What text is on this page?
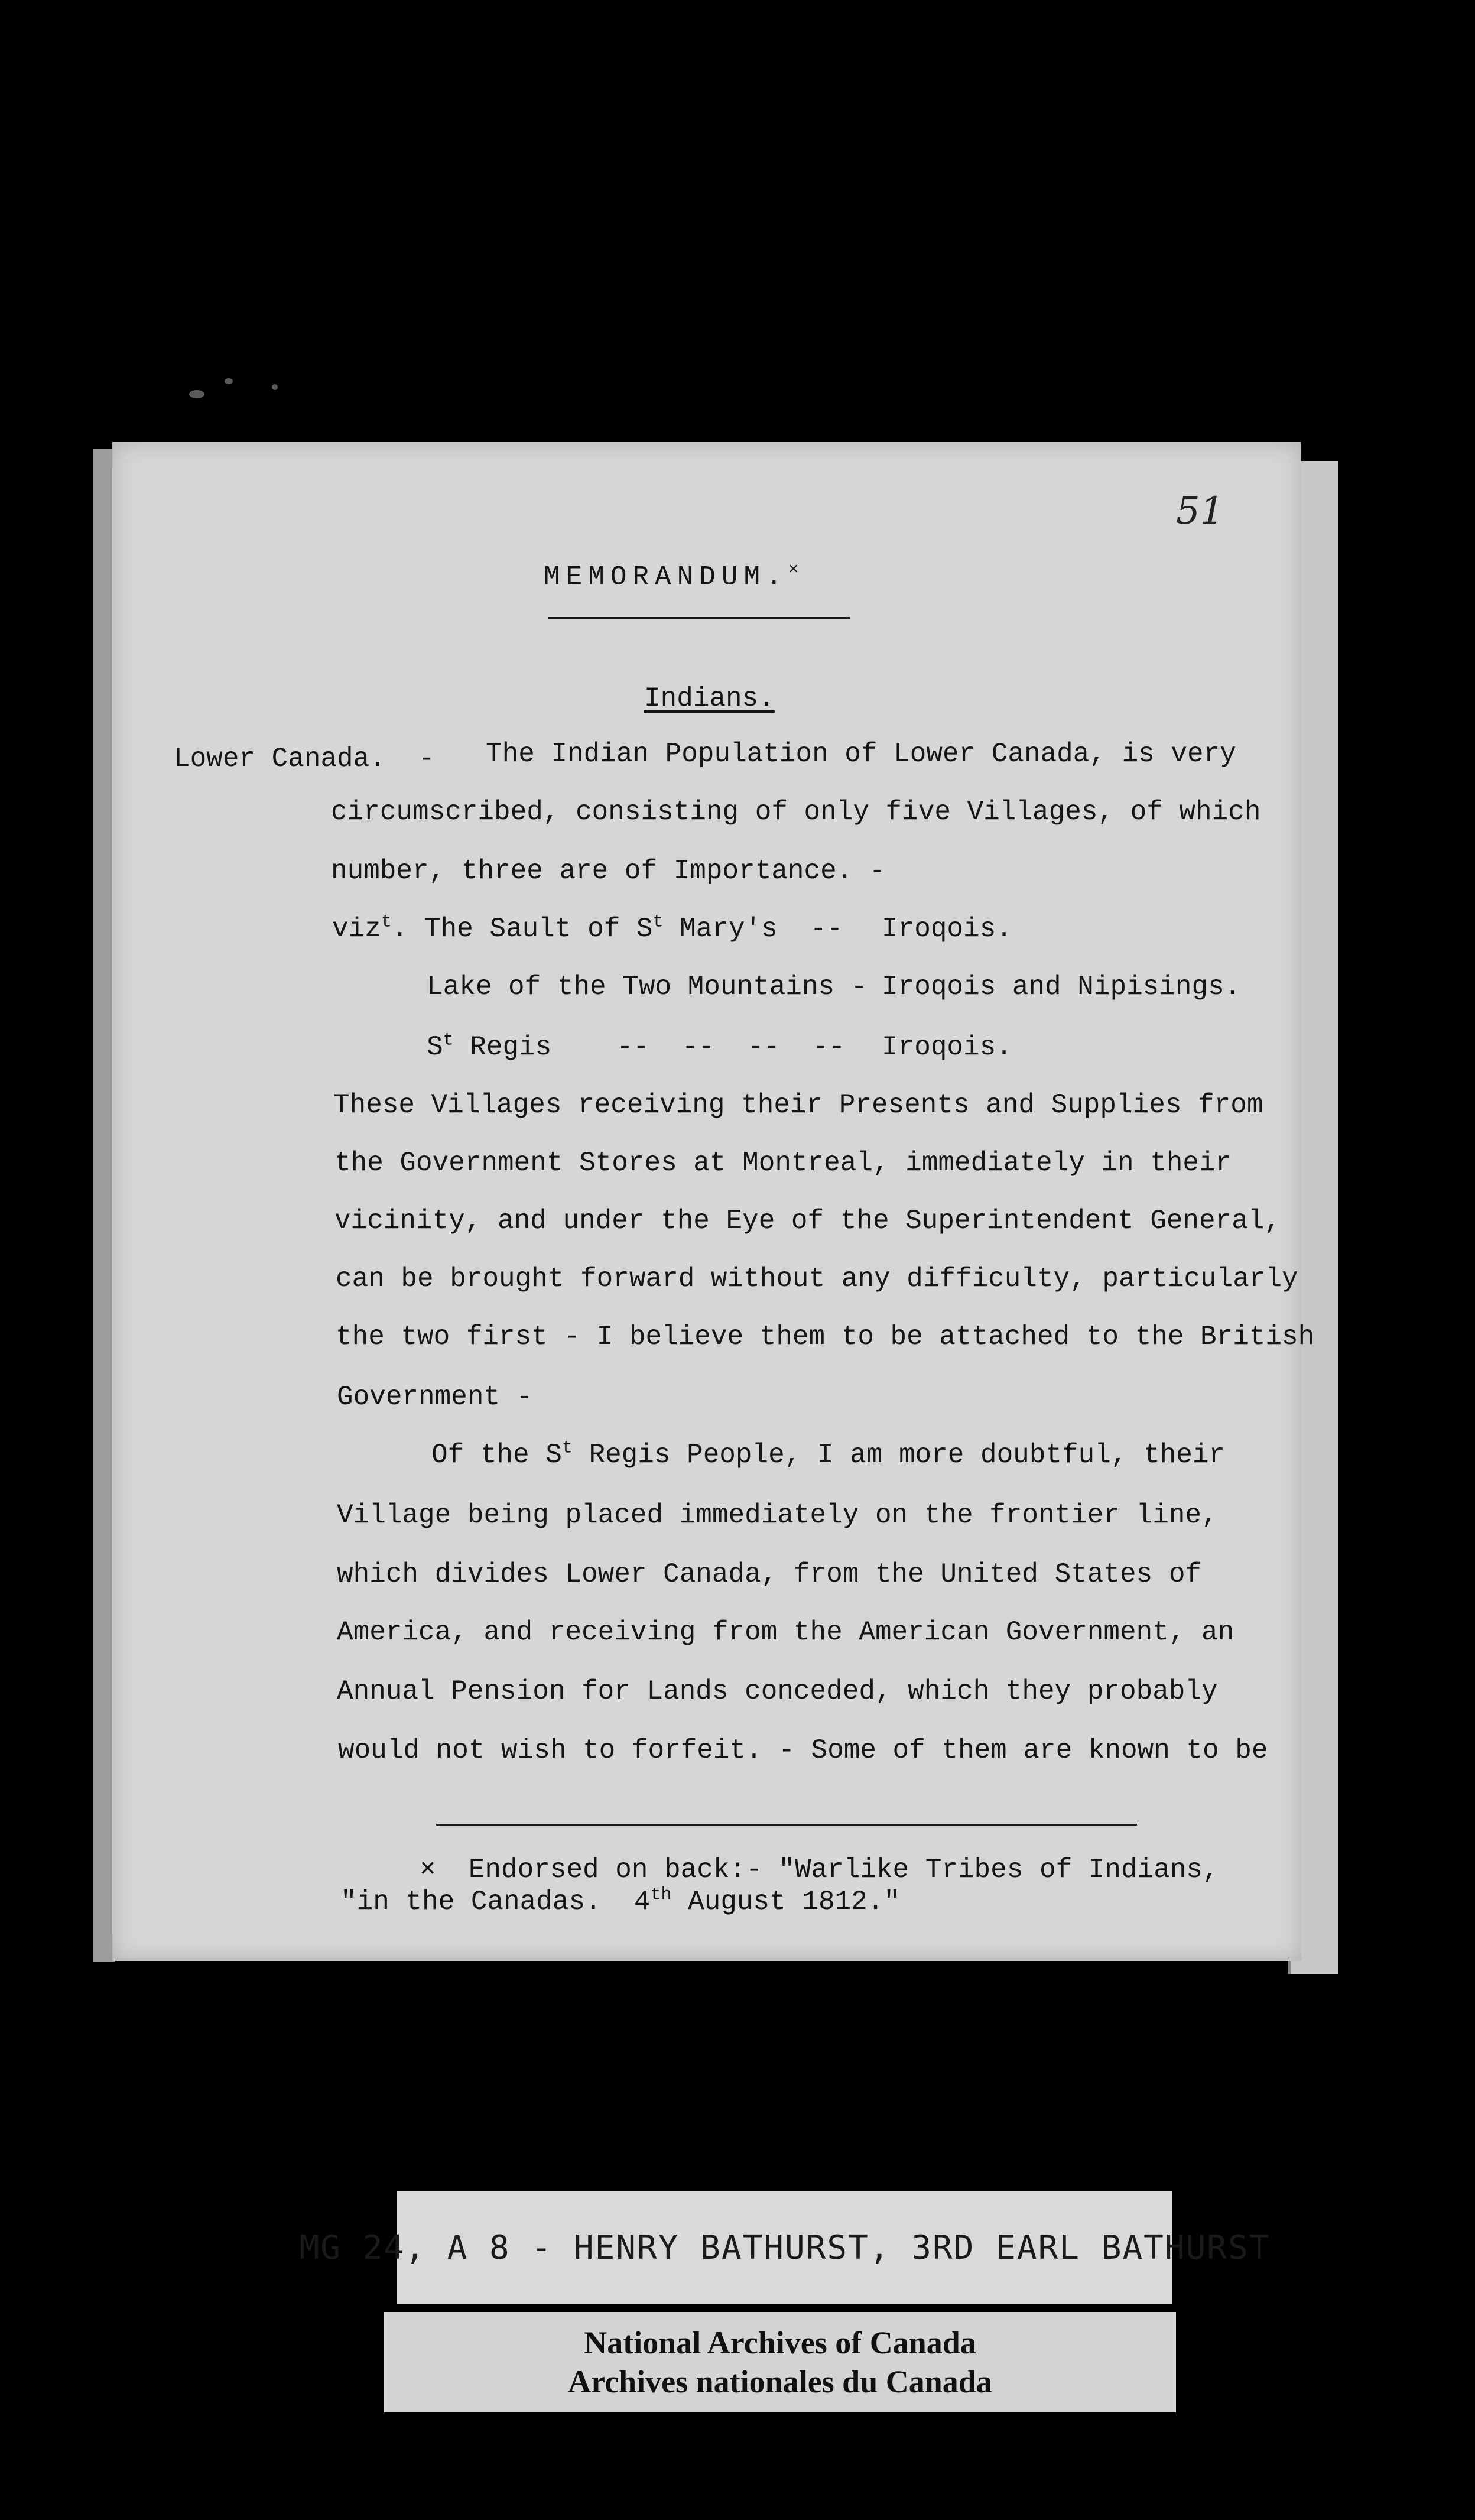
51
MEMORANDUM.×
Indians.
Lower Canada.  - The Indian Population of Lower Canada, is very
circumscribed, consisting of only five Villages, of which
number, three are of Importance. -
viz$^t$. The Sault of $S^t$ Mary's  -- Iroqois.
Lake of the Two Mountains - Iroqois and Nipisings.
$S^t$ Regis    --  --  --  -- Iroqois.
These Villages receiving their Presents and Supplies from
the Government Stores at Montreal, immediately in their
vicinity, and under the Eye of the Superintendent General,
can be brought forward without any difficulty, particularly
the two first - I believe them to be attached to the British
Government -
Of the $S^t$ Regis People, I am more doubtful, their
Village being placed immediately on the frontier line,
which divides Lower Canada, from the United States of
America, and receiving from the American Government, an
Annual Pension for Lands conceded, which they probably
would not wish to forfeit. - Some of them are known to be
×  Endorsed on back:- "Warlike Tribes of Indians,
"in the Canadas.  4th August 1812."
MG 24, A 8 - HENRY BATHURST, 3RD EARL BATHURST
National Archives of Canada
Archives nationales du Canada
